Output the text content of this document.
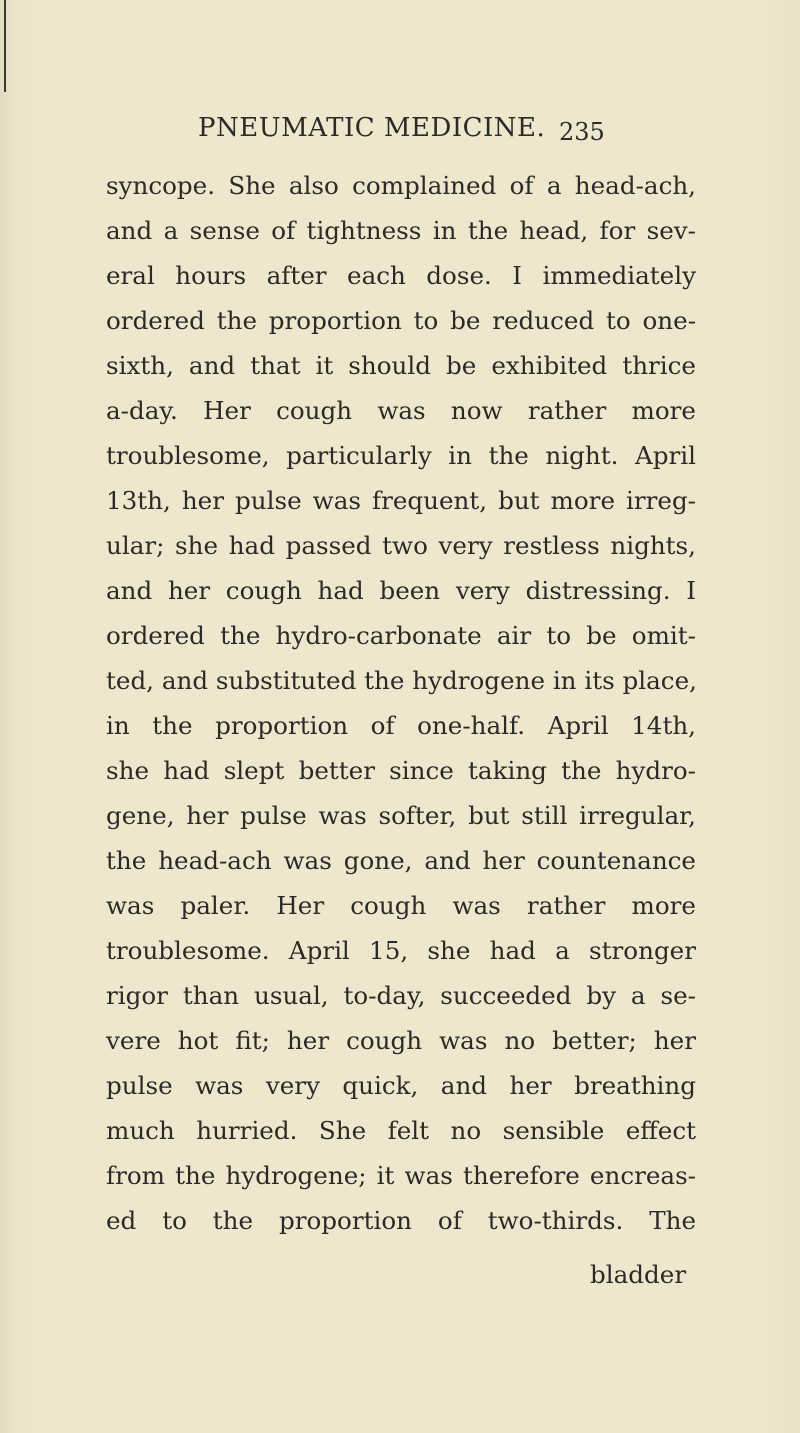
PNEUMATIC MEDICINE. 235
syncope. She also complained of a head-ach,
and a sense of tightness in the head, for sev-
eral hours after each dose. I immediately
ordered the proportion to be reduced to one-
sixth, and that it should be exhibited thrice
a-day. Her cough was now rather more
troublesome, particularly in the night. April
13th, her pulse was frequent, but more irreg-
ular; she had passed two very restless nights,
and her cough had been very distressing. I
ordered the hydro-carbonate air to be omit-
ted, and substituted the hydrogene in its place,
in the proportion of one-half. April 14th,
she had slept better since taking the hydro-
gene, her pulse was softer, but still irregular,
the head-ach was gone, and her countenance
was paler. Her cough was rather more
troublesome. April 15, she had a stronger
rigor than usual, to-day, succeeded by a se-
vere hot fit; her cough was no better; her
pulse was very quick, and her breathing
much hurried. She felt no sensible effect
from the hydrogene; it was therefore encreas-
ed to the proportion of two-thirds. The
bladder
